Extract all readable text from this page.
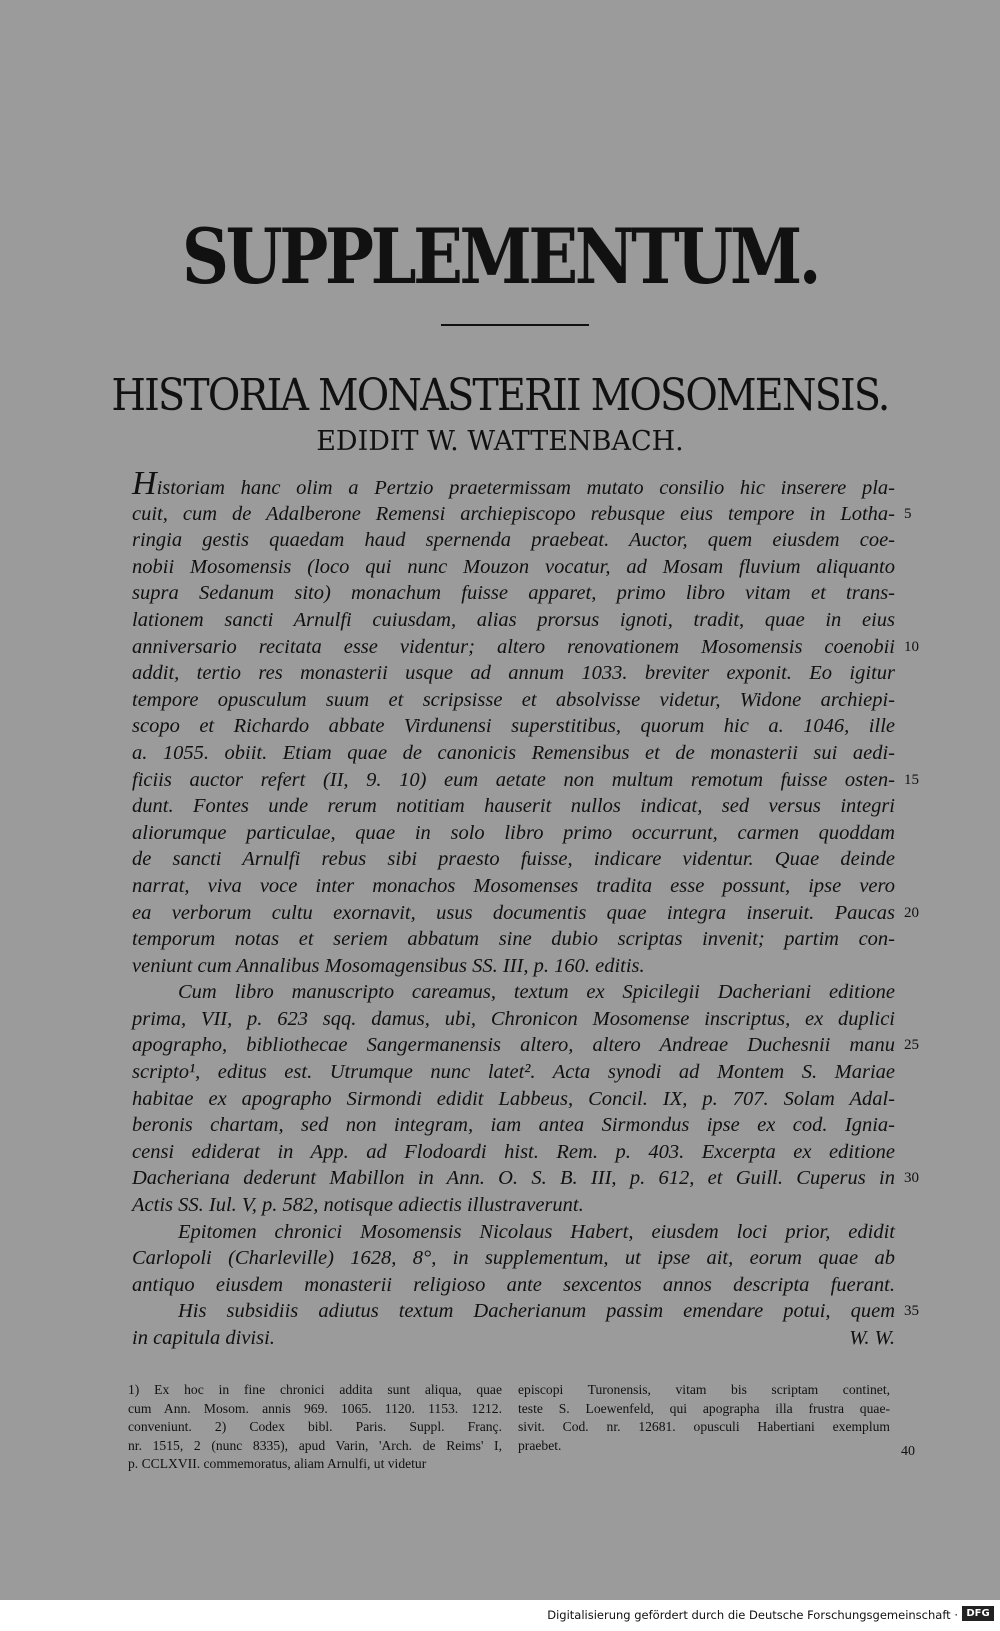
SUPPLEMENTUM.
HISTORIA MONASTERII MOSOMENSIS.
EDIDIT W. WATTENBACH.
Historiam hanc olim a Pertzio praetermissam mutato consilio hic inserere pla-
cuit, cum de Adalberone Remensi archiepiscopo rebusque eius tempore in Lotha- 5
ringia gestis quaedam haud spernenda praebeat. Auctor, quem eiusdem coe-
nobii Mosomensis (loco qui nunc Mouzon vocatur, ad Mosam fluvium aliquanto
supra Sedanum sito) monachum fuisse apparet, primo libro vitam et trans-
lationem sancti Arnulfi cuiusdam, alias prorsus ignoti, tradit, quae in eius
anniversario recitata esse videntur; altero renovationem Mosomensis coenobii 10
addit, tertio res monasterii usque ad annum 1033. breviter exponit. Eo igitur
tempore opusculum suum et scripsisse et absolvisse videtur, Widone archiepi-
scopo et Richardo abbate Virdunensi superstitibus, quorum hic a. 1046, ille
a. 1055. obiit. Etiam quae de canonicis Remensibus et de monasterii sui aedi-
ficiis auctor refert (II, 9. 10) eum aetate non multum remotum fuisse osten- 15
dunt. Fontes unde rerum notitiam hauserit nullos indicat, sed versus integri
aliorumque particulae, quae in solo libro primo occurrunt, carmen quoddam
de sancti Arnulfi rebus sibi praesto fuisse, indicare videntur. Quae deinde
narrat, viva voce inter monachos Mosomenses tradita esse possunt, ipse vero
ea verborum cultu exornavit, usus documentis quae integra inseruit. Paucas 20
temporum notas et seriem abbatum sine dubio scriptas invenit; partim con-
veniunt cum Annalibus Mosomagensibus SS. III, p. 160. editis.
Cum libro manuscripto careamus, textum ex Spicilegii Dacheriani editione
prima, VII, p. 623 sqq. damus, ubi, Chronicon Mosomense inscriptus, ex duplici
apographo, bibliothecae Sangermanensis altero, altero Andreae Duchesnii manu 25
scripto¹, editus est. Utrumque nunc latet². Acta synodi ad Montem S. Mariae
habitae ex apographo Sirmondi edidit Labbeus, Concil. IX, p. 707. Solam Adal-
beronis chartam, sed non integram, iam antea Sirmondus ipse ex cod. Ignia-
censi ediderat in App. ad Flodoardi hist. Rem. p. 403. Excerpta ex editione
Dacheriana dederunt Mabillon in Ann. O. S. B. III, p. 612, et Guill. Cuperus in 30
Actis SS. Iul. V, p. 582, notisque adiectis illustraverunt.
Epitomen chronici Mosomensis Nicolaus Habert, eiusdem loci prior, edidit
Carlopoli (Charleville) 1628, 8°, in supplementum, ut ipse ait, eorum quae ab
antiquo eiusdem monasterii religioso ante sexcentos annos descripta fuerant.
His subsidiis adiutus textum Dacherianum passim emendare potui, quem 35
in capitula divisi.	W. W.
1) Ex hoc in fine chronici addita sunt aliqua, quae
cum Ann. Mosom. annis 969. 1065. 1120. 1153. 1212.
conveniunt. 2) Codex bibl. Paris. Suppl. Franç.
nr. 1515, 2 (nunc 8335), apud Varin, 'Arch. de Reims' I,
p. CCLXVII. commemoratus, aliam Arnulfi, ut videtur
episcopi Turonensis, vitam bis scriptam continet,
teste S. Loewenfeld, qui apographa illa frustra quae-
sivit. Cod. nr. 12681. opusculi Habertiani exemplum
praebet.	40
Digitalisierung gefördert durch die Deutsche Forschungsgemeinschaft · DFG
